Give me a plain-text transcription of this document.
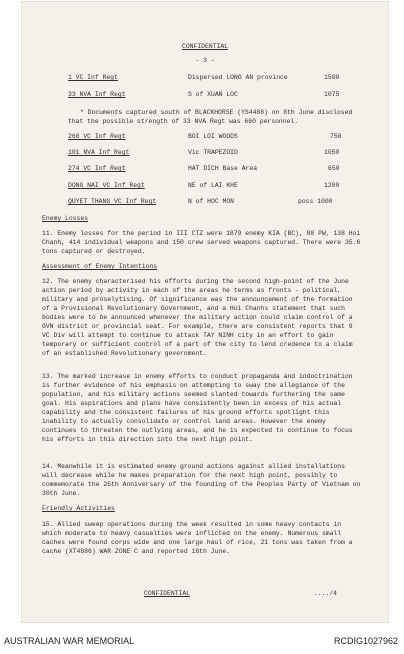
CONFIDENTIAL
- 3 -
1 VC Inf Regt	Dispersed LONG AN province	1500
33 NVA Inf Regt	S of XUAN LOC	1075
* Documents captured south of BLACKHORSE (YS4488) on 8th June disclosed that the possible strength of 33 NVA Regt was 660 personnel.
268 VC Inf Regt	BOI LOI WOODS	750
101 NVA Inf Regt	Vic TRAPEZOID	1050
274 VC Inf Regt	HAT DICH Base Area	650
DONG NAI VC Inf Regt	NE of LAI KHE	1200
QUYET THANG VC Inf Regt	N of HOC MON	poss 1000
Enemy Losses
11. Enemy losses for the period in III CTZ were 1879 enemy KIA (BC), 88 PW, 138 Hoi Chanh, 414 individual weapons and 150 crew served weapons captured. There were 35.6 tons captured or destroyed.
Assessment of Enemy Intentions
12. The enemy characterised his efforts during the second high-point of the June action period by activity in each of the areas he terms as fronts - political, military and proselytising. Of significance was the announcement of the formation of a Provisional Revolutionary Government, and a Hoi Chanhs statement that such bodies were to be announced whenever the military action could claim control of a GVN district or provincial seat. For example, there are consistent reports that 9 VC Div will attempt to continue to attack TAY NINH city in an effort to gain temporary or sufficient control of a part of the city to lend credence to a claim of an established Revolutionary government.
13. The marked increase in enemy efforts to conduct propaganda and indoctrination is further evidence of his emphasis on attempting to sway the allegiance of the population, and his military actions seemed slanted towards furthering the same goal. His aspirations and plans have consistently been in excess of his actual capability and the consistent failures of his ground efforts spotlight this inability to actually consolidate or control land areas. However the enemy continues to threaten the outlying areas, and he is expected to continue to focus his efforts in this direction into the next high point.
14. Meanwhile it is estimated enemy ground actions against allied installations will decrease while he makes preparation for the next high point, possibly to commemorate the 25th Anniversary of the founding of the Peoples Party of Vietnam on 30th June.
Friendly Activities
15. Allied sweep operations during the week resulted in some heavy contacts in which moderate to heavy casualties were inflicted on the enemy. Numerous small caches were found corps wide and one large haul of rice, 21 tons was taken from a cache (XT4686) WAR ZONE C and reported 18th June.
CONFIDENTIAL	..../4
AUSTRALIAN WAR MEMORIAL	RCDIG1027962
